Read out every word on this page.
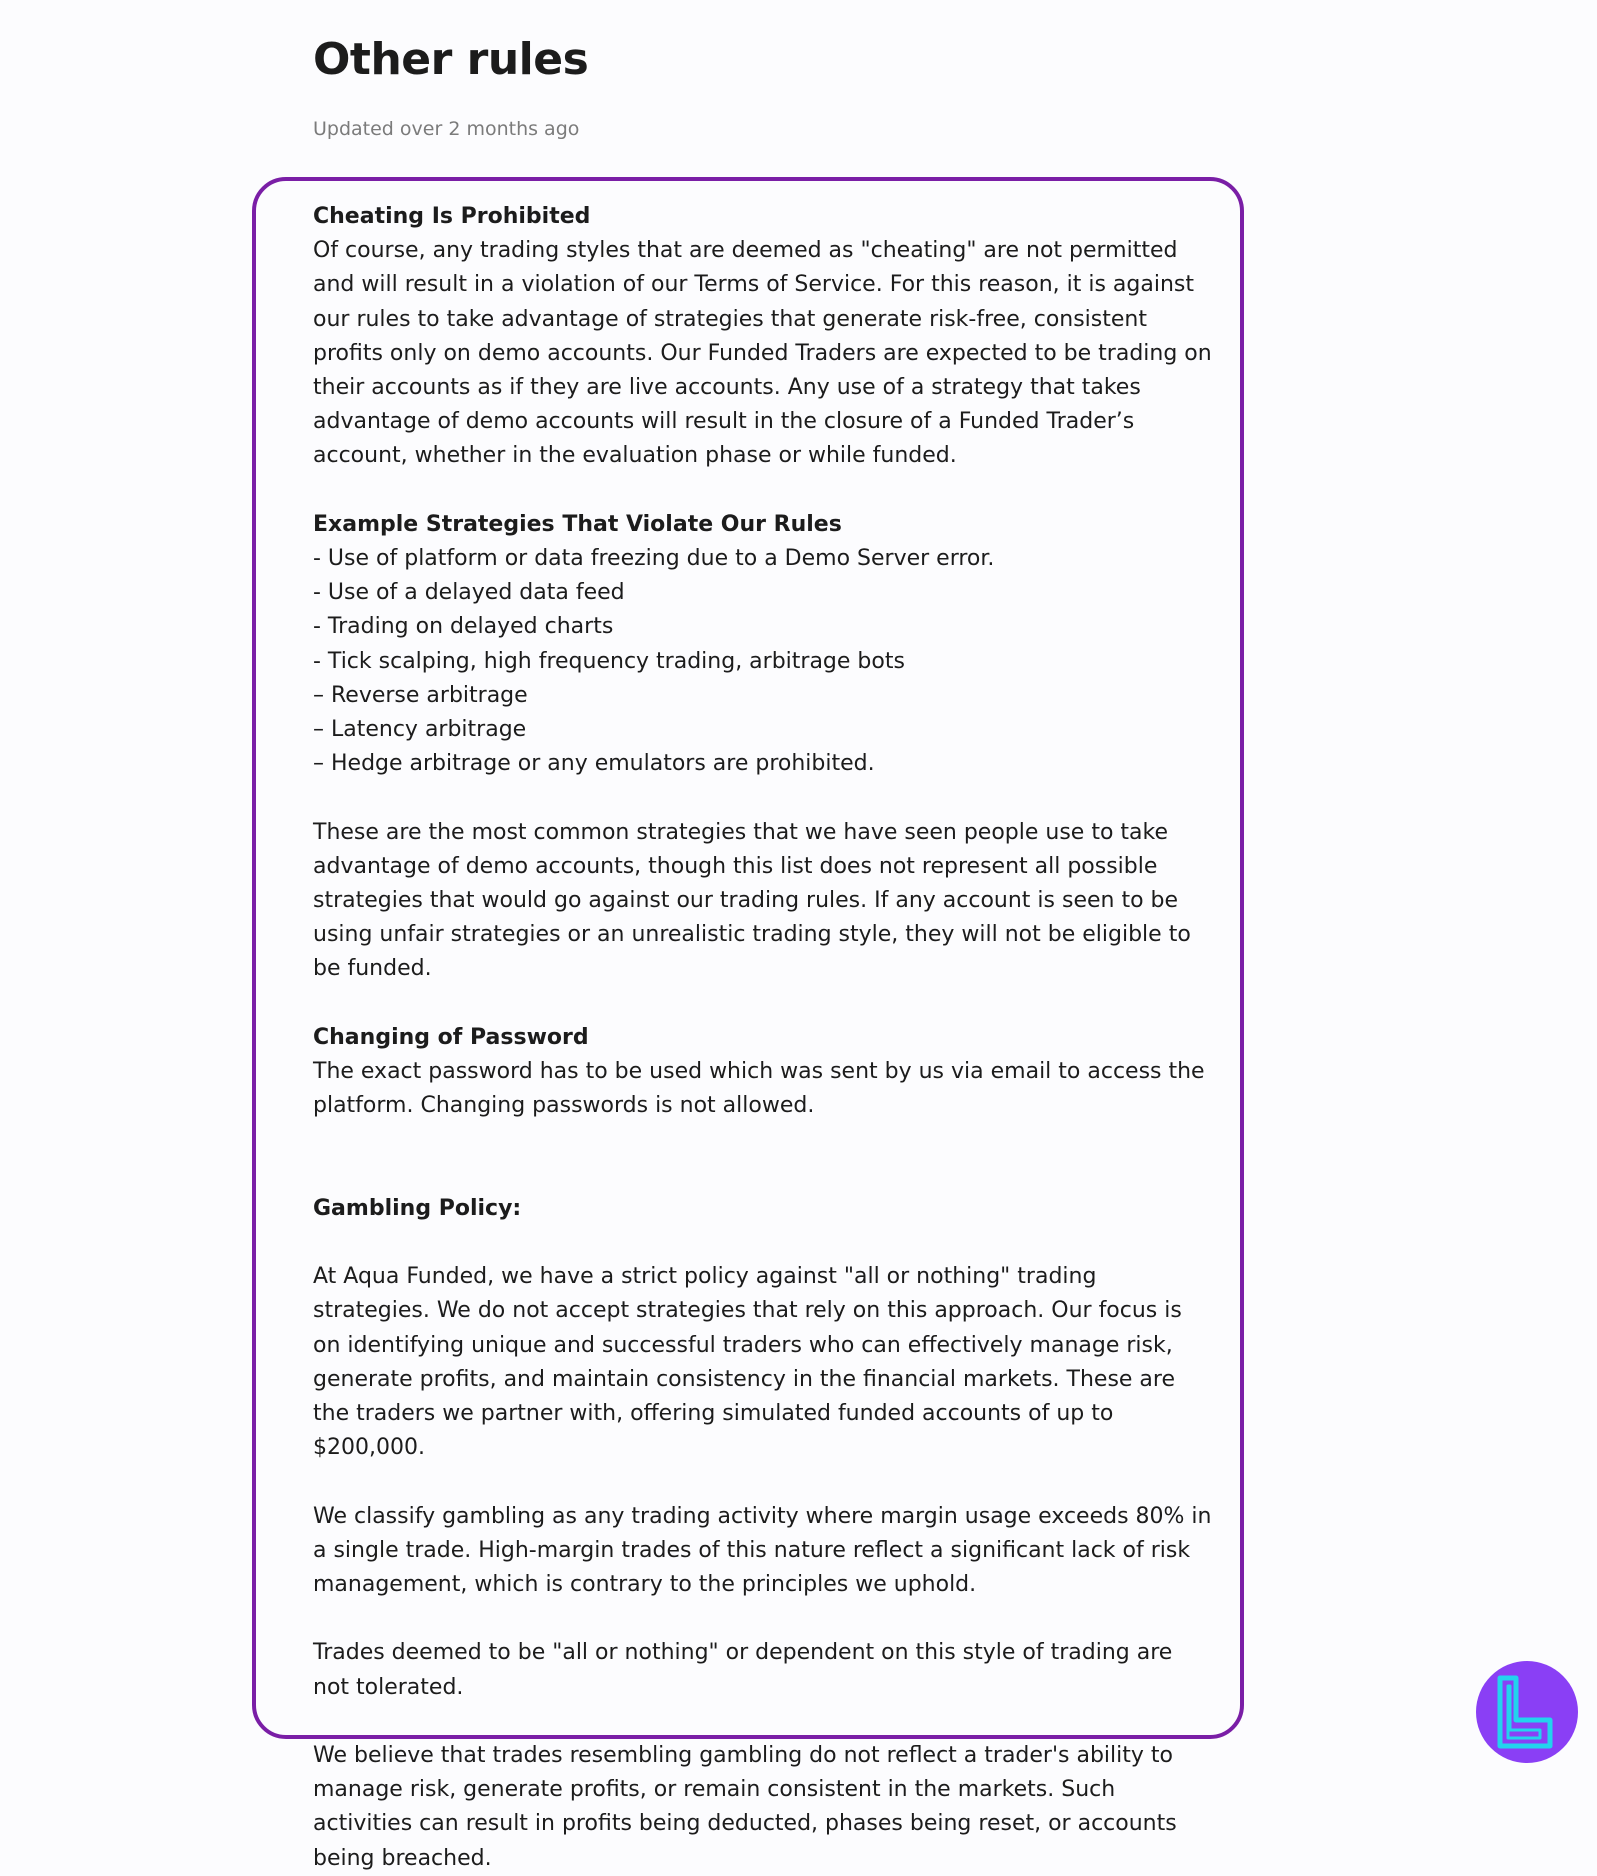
Other rules
Updated over 2 months ago

Cheating Is Prohibited

Of course, any trading styles that are deemed as "cheating" are not permitted and will result in a violation of our Terms of Service. For this reason, it is against our rules to take advantage of strategies that generate risk-free, consistent profits only on demo accounts. Our Funded Traders are expected to be trading on their accounts as if they are live accounts. Any use of a strategy that takes advantage of demo accounts will result in the closure of a Funded Trader’s account, whether in the evaluation phase or while funded.

Example Strategies That Violate Our Rules

- Use of platform or data freezing due to a Demo Server error.

- Use of a delayed data feed

- Trading on delayed charts

- Tick scalping, high frequency trading, arbitrage bots

– Reverse arbitrage

– Latency arbitrage

– Hedge arbitrage or any emulators are prohibited.

These are the most common strategies that we have seen people use to take advantage of demo accounts, though this list does not represent all possible strategies that would go against our trading rules. If any account is seen to be using unfair strategies or an unrealistic trading style, they will not be eligible to be funded.

Changing of Password

The exact password has to be used which was sent by us via email to access the platform. Changing passwords is not allowed.

Gambling Policy:

At Aqua Funded, we have a strict policy against "all or nothing" trading strategies. We do not accept strategies that rely on this approach. Our focus is on identifying unique and successful traders who can effectively manage risk, generate profits, and maintain consistency in the financial markets. These are the traders we partner with, offering simulated funded accounts of up to $200,000.

We classify gambling as any trading activity where margin usage exceeds 80% in a single trade. High-margin trades of this nature reflect a significant lack of risk management, which is contrary to the principles we uphold.

Trades deemed to be "all or nothing" or dependent on this style of trading are not tolerated.

We believe that trades resembling gambling do not reflect a trader's ability to manage risk, generate profits, or remain consistent in the markets. Such activities can result in profits being deducted, phases being reset, or accounts being breached.
